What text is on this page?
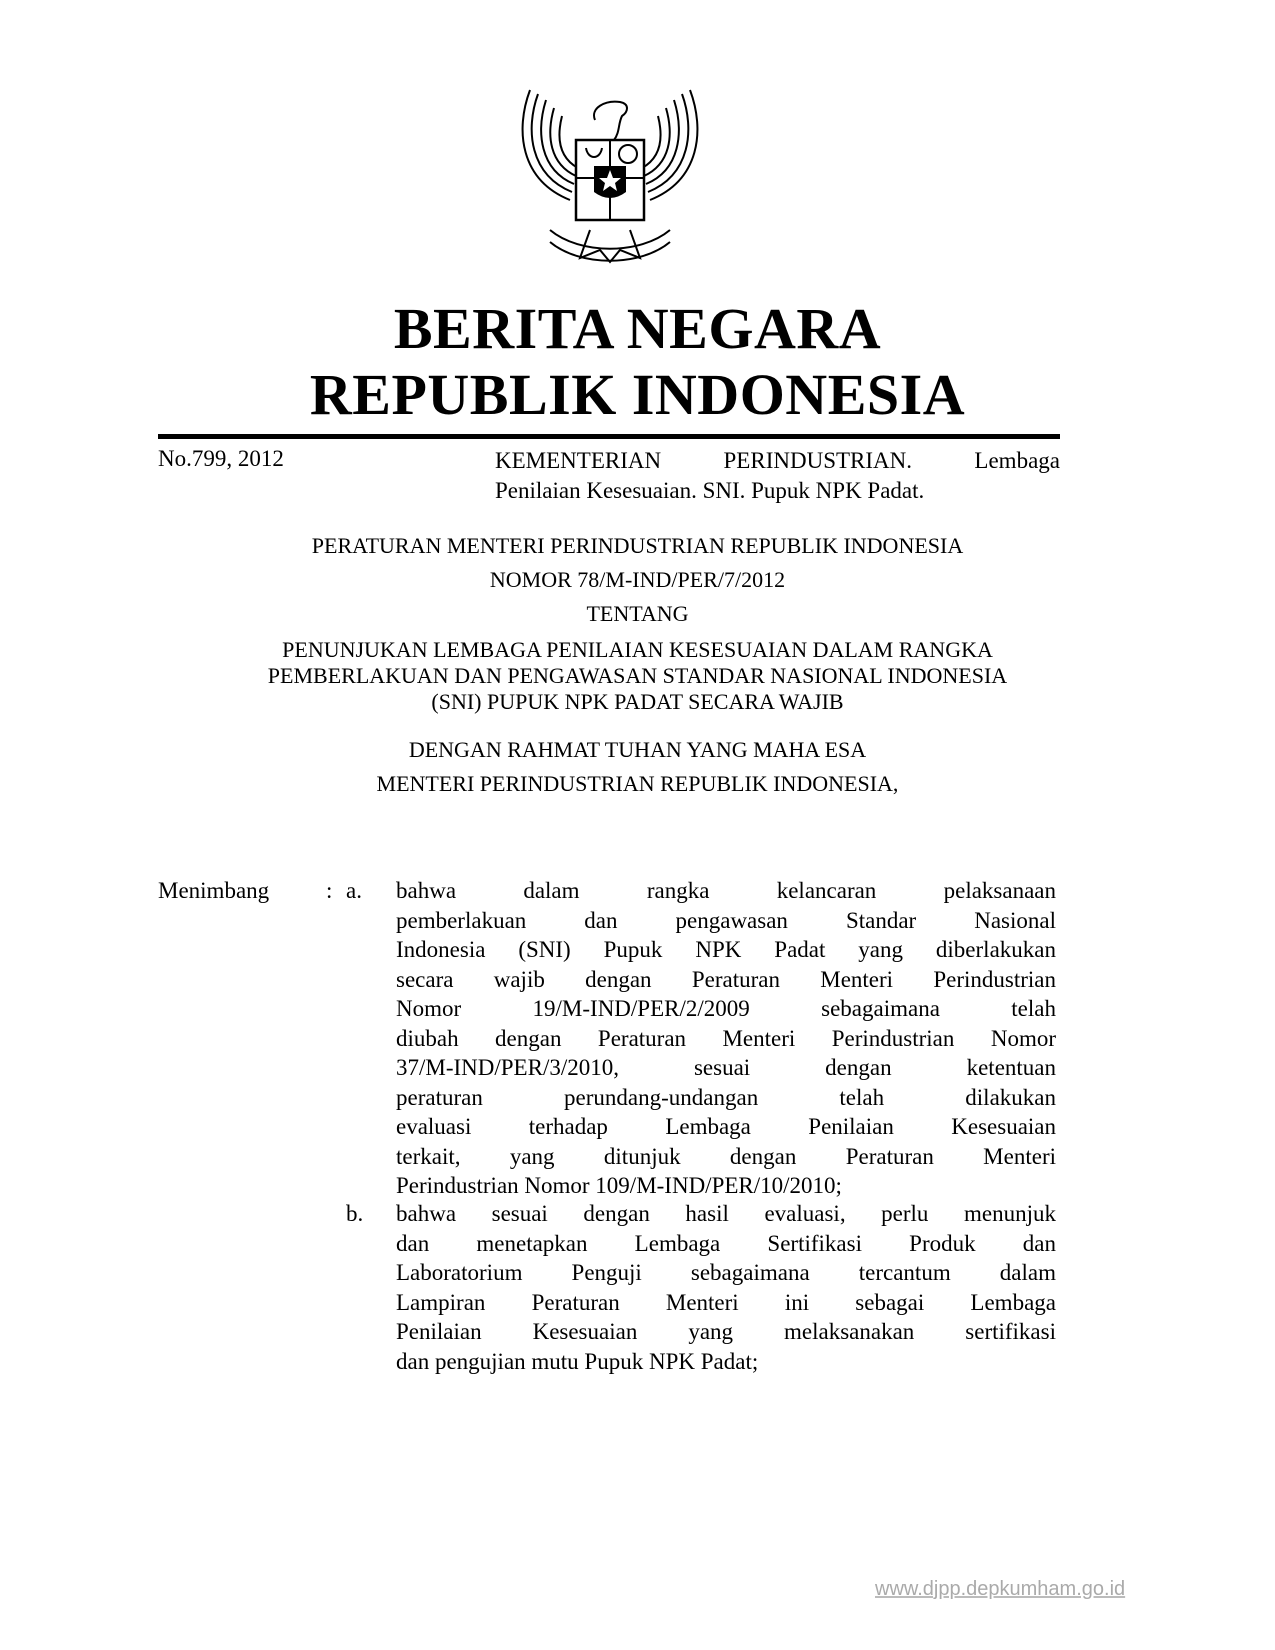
BERITA NEGARA
REPUBLIK INDONESIA
No.799, 2012	KEMENTERIAN PERINDUSTRIAN. Lembaga
Penilaian Kesesuaian. SNI. Pupuk NPK Padat.
PERATURAN MENTERI PERINDUSTRIAN REPUBLIK INDONESIA
NOMOR 78/M-IND/PER/7/2012
TENTANG
PENUNJUKAN LEMBAGA PENILAIAN KESESUAIAN DALAM RANGKA
PEMBERLAKUAN DAN PENGAWASAN STANDAR NASIONAL INDONESIA
(SNI) PUPUK NPK PADAT SECARA WAJIB
DENGAN RAHMAT TUHAN YANG MAHA ESA
MENTERI PERINDUSTRIAN REPUBLIK INDONESIA,
Menimbang : a. bahwa dalam rangka kelancaran pelaksanaan
pemberlakuan dan pengawasan Standar Nasional
Indonesia (SNI) Pupuk NPK Padat yang diberlakukan
secara wajib dengan Peraturan Menteri Perindustrian
Nomor 19/M-IND/PER/2/2009 sebagaimana telah
diubah dengan Peraturan Menteri Perindustrian Nomor
37/M-IND/PER/3/2010, sesuai dengan ketentuan
peraturan perundang-undangan telah dilakukan
evaluasi terhadap Lembaga Penilaian Kesesuaian
terkait, yang ditunjuk dengan Peraturan Menteri
Perindustrian Nomor 109/M-IND/PER/10/2010;
b. bahwa sesuai dengan hasil evaluasi, perlu menunjuk
dan menetapkan Lembaga Sertifikasi Produk dan
Laboratorium Penguji sebagaimana tercantum dalam
Lampiran Peraturan Menteri ini sebagai Lembaga
Penilaian Kesesuaian yang melaksanakan sertifikasi
dan pengujian mutu Pupuk NPK Padat;
www.djpp.depkumham.go.id
